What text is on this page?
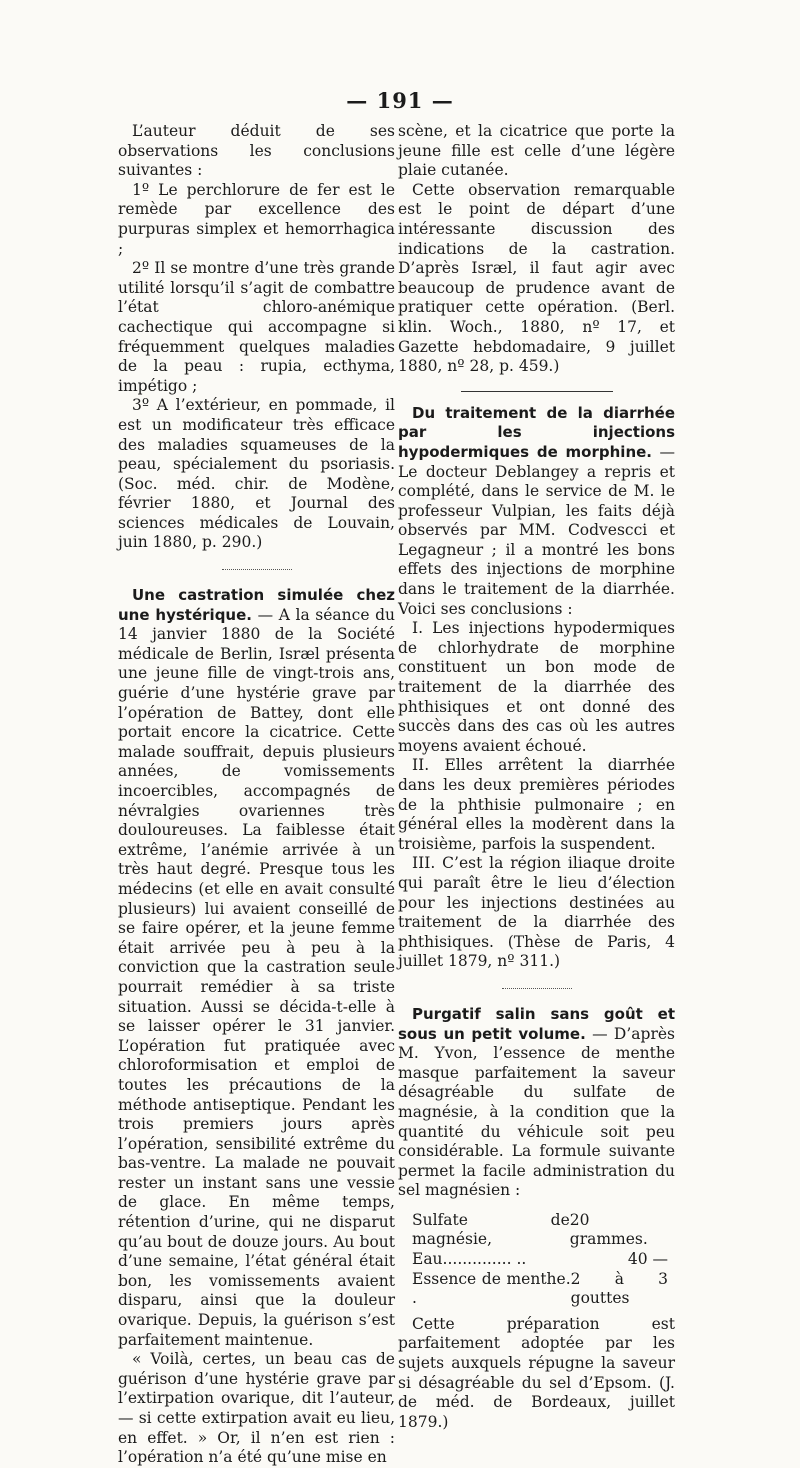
— 191 —

L’auteur déduit de ses observations les conclusions suivantes :

1º Le perchlorure de fer est le remède par excellence des purpuras simplex et hemorrhagica ;

2º Il se montre d’une très grande utilité lorsqu’il s’agit de combattre l’état chloro-anémique cachectique qui accompagne si fréquemment quelques maladies de la peau : rupia, ecthyma, impétigo ;

3º A l’extérieur, en pommade, il est un modificateur très efficace des maladies squameuses de la peau, spécialement du psoriasis. (Soc. méd. chir. de Modène, février 1880, et Journal des sciences médicales de Louvain, juin 1880, p. 290.)

Une castration simulée chez une hystérique. — A la séance du 14 janvier 1880 de la Société médicale de Berlin, Isræl présenta une jeune fille de vingt-trois ans, guérie d’une hystérie grave par l’opération de Battey, dont elle portait encore la cicatrice. Cette malade souffrait, depuis plusieurs années, de vomissements incoercibles, accompagnés de névralgies ovariennes très douloureuses. La faiblesse était extrême, l’anémie arrivée à un très haut degré. Presque tous les médecins (et elle en avait consulté plusieurs) lui avaient conseillé de se faire opérer, et la jeune femme était arrivée peu à peu à la conviction que la castration seule pourrait remédier à sa triste situation. Aussi se décida-t-elle à se laisser opérer le 31 janvier. L’opération fut pratiquée avec chloroformisation et emploi de toutes les précautions de la méthode antiseptique. Pendant les trois premiers jours après l’opération, sensibilité extrême du bas-ventre. La malade ne pouvait rester un instant sans une vessie de glace. En même temps, rétention d’urine, qui ne disparut qu’au bout de douze jours. Au bout d’une semaine, l’état général était bon, les vomissements avaient disparu, ainsi que la douleur ovarique. Depuis, la guérison s’est parfaitement maintenue.

« Voilà, certes, un beau cas de guérison d’une hystérie grave par l’extirpation ovarique, dit l’auteur, — si cette extirpation avait eu lieu, en effet. » Or, il n’en est rien : l’opération n’a été qu’une mise en

scène, et la cicatrice que porte la jeune fille est celle d’une légère plaie cutanée.

Cette observation remarquable est le point de départ d’une intéressante discussion des indications de la castration. D’après Isræl, il faut agir avec beaucoup de prudence avant de pratiquer cette opération. (Berl. klin. Woch., 1880, nº 17, et Gazette hebdomadaire, 9 juillet 1880, nº 28, p. 459.)

Du traitement de la diarrhée par les injections hypodermiques de morphine. — Le docteur Deblangey a repris et complété, dans le service de M. le professeur Vulpian, les faits déjà observés par MM. Codvescci et Legagneur ; il a montré les bons effets des injections de morphine dans le traitement de la diarrhée. Voici ses conclusions :

I. Les injections hypodermiques de chlorhydrate de morphine constituent un bon mode de traitement de la diarrhée des phthisiques et ont donné des succès dans des cas où les autres moyens avaient échoué.

II. Elles arrêtent la diarrhée dans les deux premières périodes de la phthisie pulmonaire ; en général elles la modèrent dans la troisième, parfois la suspendent.

III. C’est la région iliaque droite qui paraît être le lieu d’élection pour les injections destinées au traitement de la diarrhée des phthisiques. (Thèse de Paris, 4 juillet 1879, nº 311.)

Purgatif salin sans goût et sous un petit volume. — D’après M. Yvon, l’essence de menthe masque parfaitement la saveur désagréable du sulfate de magnésie, à la condition que la quantité du véhicule soit peu considérable. La formule suivante permet la facile administration du sel magnésien :

Sulfate de magnésie,
20 grammes.
Eau.............. ..	40 —
Essence de menthe. .
2 à 3 gouttes

Cette préparation est parfaitement adoptée par les sujets auxquels répugne la saveur si désagréable du sel d’Epsom. (J. de méd. de Bordeaux, juillet 1879.)
